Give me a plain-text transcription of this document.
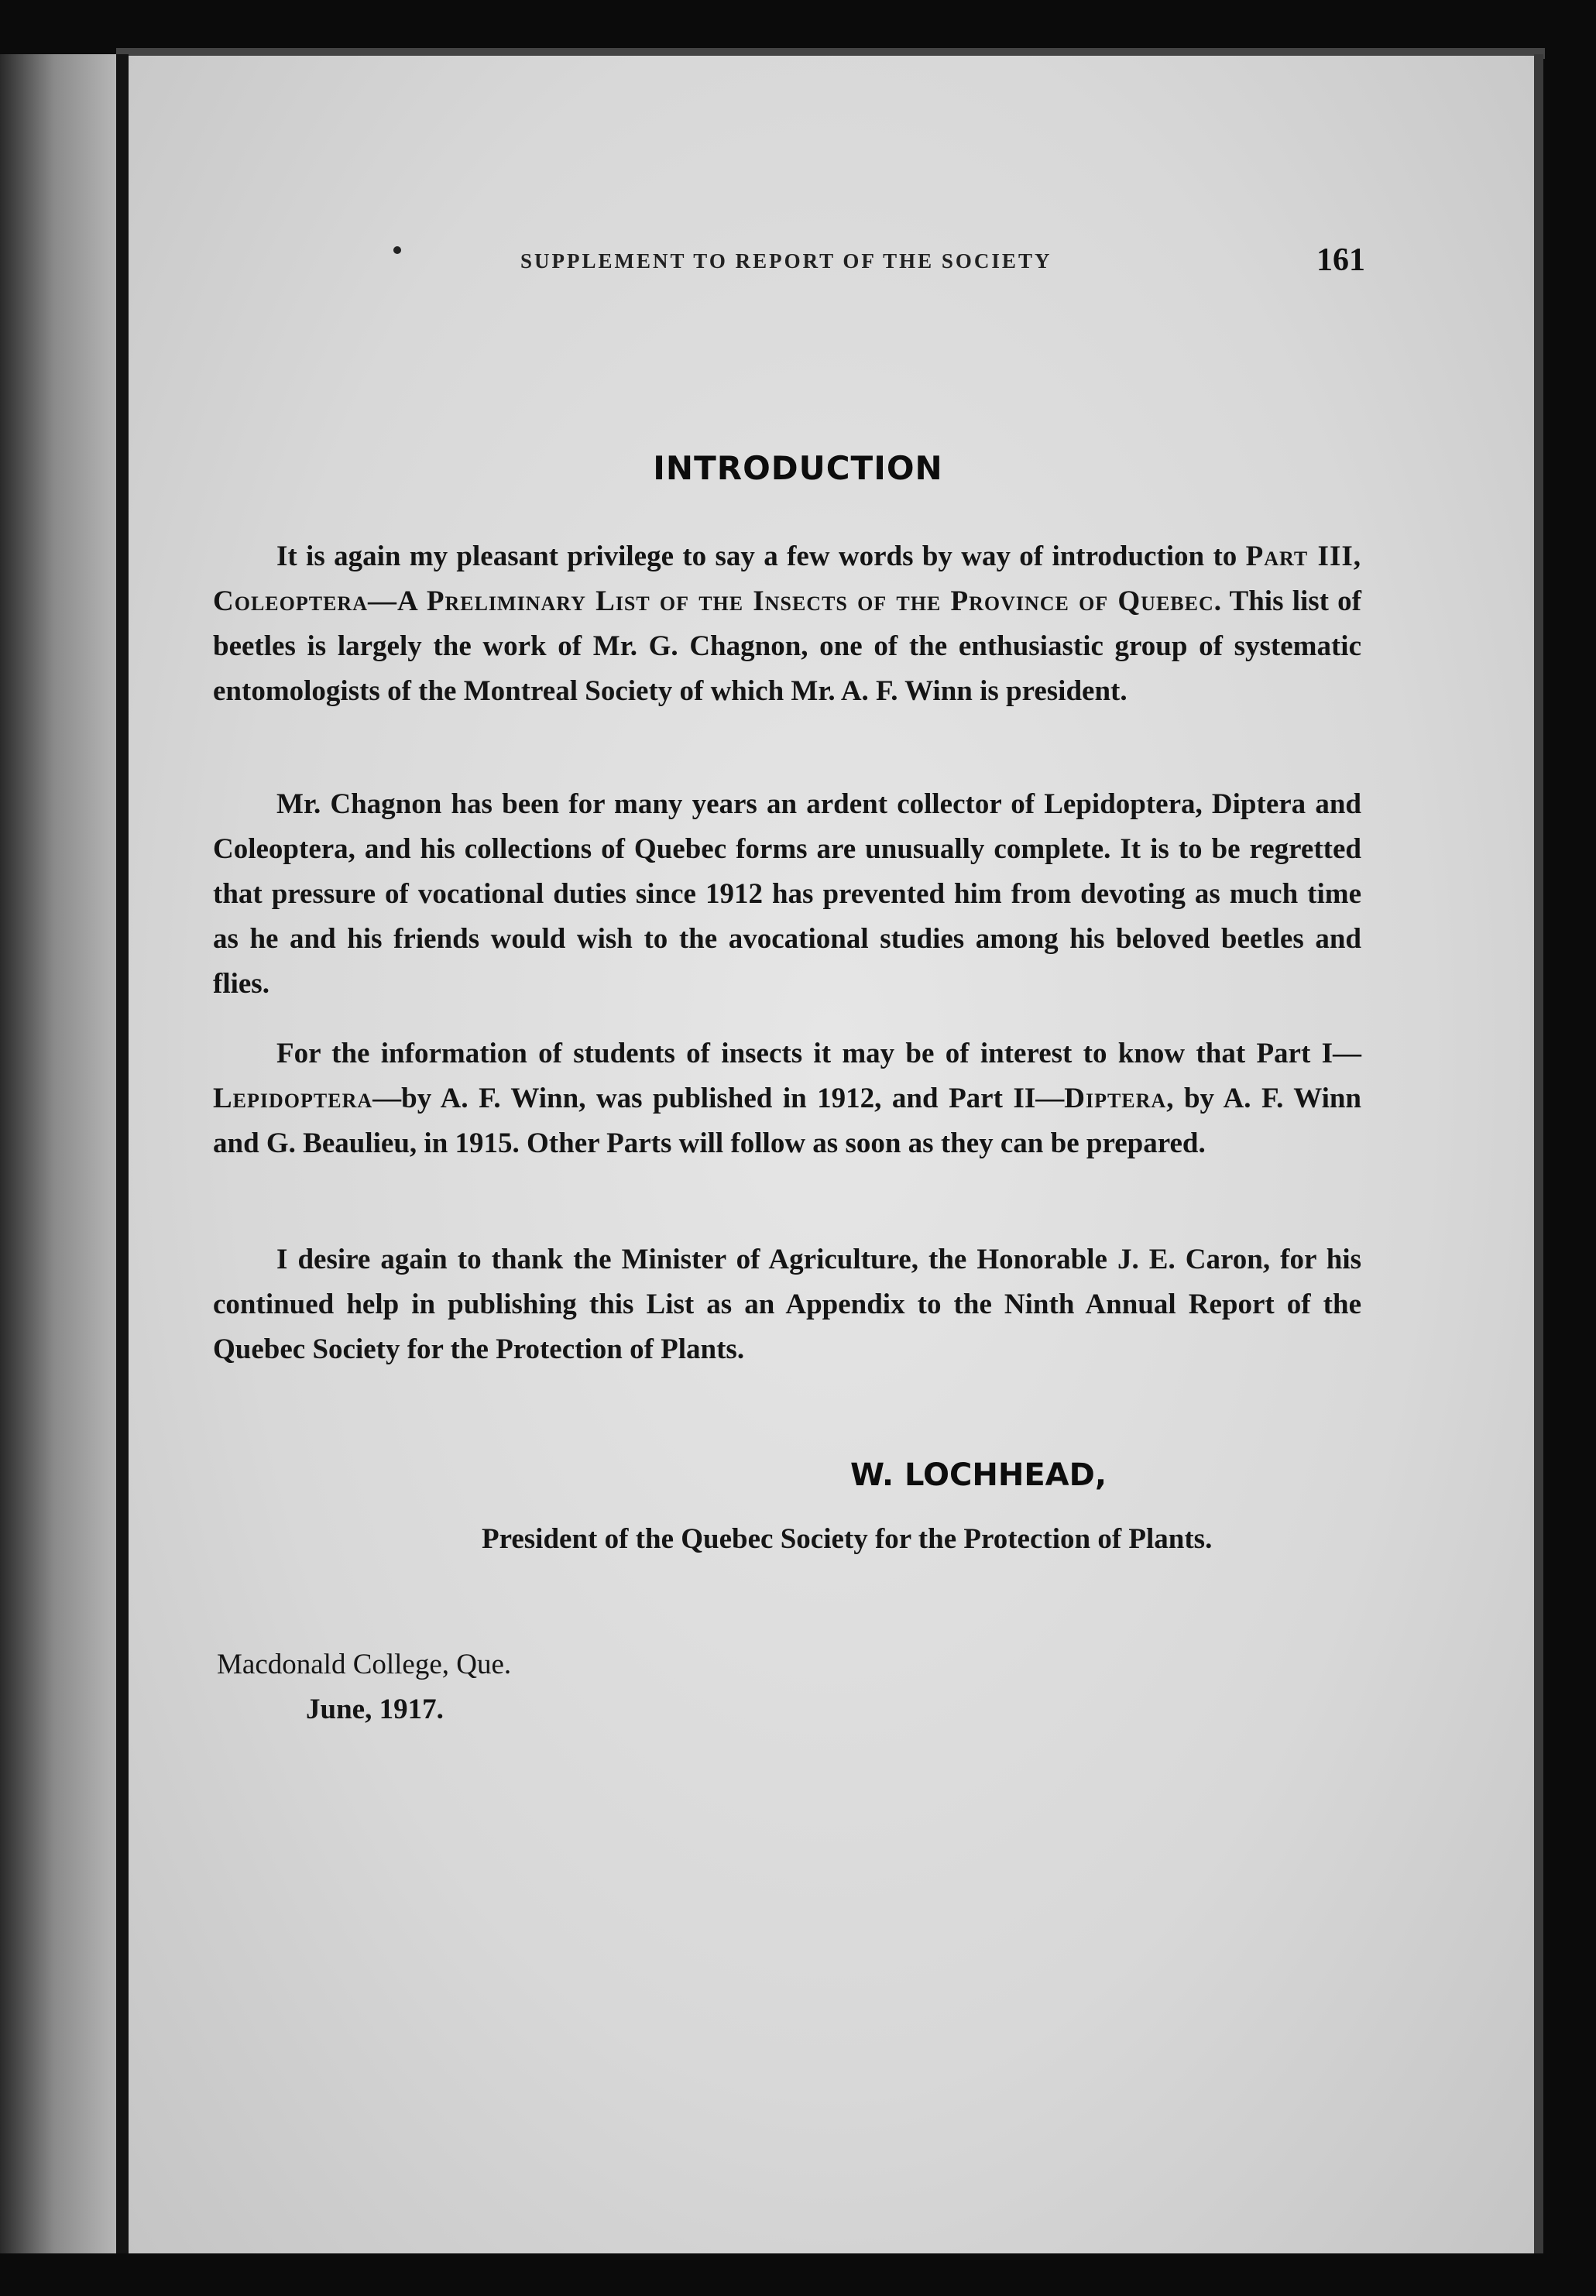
SUPPLEMENT TO REPORT OF THE SOCIETY	161
INTRODUCTION

It is again my pleasant privilege to say a few words by way of introduction to Part III, Coleoptera—A Preliminary List of the Insects of the Province of Quebec. This list of beetles is largely the work of Mr. G. Chagnon, one of the enthusiastic group of systematic entomologists of the Montreal Society of which Mr. A. F. Winn is president.

Mr. Chagnon has been for many years an ardent collector of Lepidoptera, Diptera and Coleoptera, and his collections of Quebec forms are unusually complete. It is to be regretted that pressure of vocational duties since 1912 has prevented him from devoting as much time as he and his friends would wish to the avocational studies among his beloved beetles and flies.

For the information of students of insects it may be of interest to know that Part I—Lepidoptera—by A. F. Winn, was published in 1912, and Part II—Diptera, by A. F. Winn and G. Beaulieu, in 1915. Other Parts will follow as soon as they can be prepared.

I desire again to thank the Minister of Agriculture, the Honorable J. E. Caron, for his continued help in publishing this List as an Appendix to the Ninth Annual Report of the Quebec Society for the Protection of Plants.

W. LOCHHEAD,
President of the Quebec Society for the Protection of Plants.
Macdonald College, Que.
June, 1917.
